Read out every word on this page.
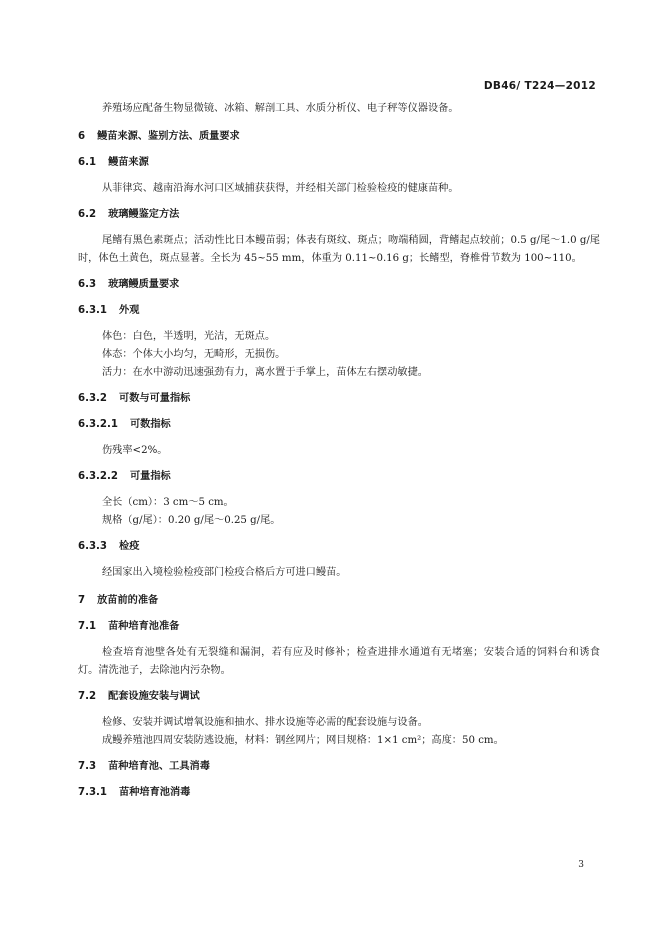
DB46/ T224—2012

养殖场应配备生物显微镜、冰箱、解剖工具、水质分析仪、电子秤等仪器设备。

6 鳗苗来源、鉴别方法、质量要求
6.1 鳗苗来源

从菲律宾、越南沿海水河口区域捕获获得，并经相关部门检验检疫的健康苗种。

6.2 玻璃鳗鉴定方法

尾鳍有黑色素斑点；活动性比日本鳗苗弱；体表有斑纹、斑点；吻端稍圆，背鳍起点较前；0.5 g/尾～1.0 g/尾时，体色土黄色，斑点显著。全长为 45~55 mm，体重为 0.11~0.16 g；长鳍型，脊椎骨节数为 100~110。

6.3 玻璃鳗质量要求
6.3.1 外观

体色：白色，半透明，光洁，无斑点。

体态：个体大小均匀，无畸形，无损伤。

活力：在水中游动迅速强劲有力，离水置于手掌上，苗体左右摆动敏捷。

6.3.2 可数与可量指标
6.3.2.1 可数指标

伤残率<2%。

6.3.2.2 可量指标

全长（cm）：3 cm～5 cm。

规格（g/尾）：0.20 g/尾～0.25 g/尾。

6.3.3 检疫

经国家出入境检验检疫部门检疫合格后方可进口鳗苗。

7 放苗前的准备
7.1 苗种培育池准备

检查培育池壁各处有无裂缝和漏洞，若有应及时修补；检查进排水通道有无堵塞；安装合适的饲料台和诱食灯。清洗池子，去除池内污杂物。

7.2 配套设施安装与调试

检修、安装并调试增氧设施和抽水、排水设施等必需的配套设施与设备。

成鳗养殖池四周安装防逃设施，材料：钢丝网片；网目规格：1×1 cm²；高度：50 cm。

7.3 苗种培育池、工具消毒
7.3.1 苗种培育池消毒
3
